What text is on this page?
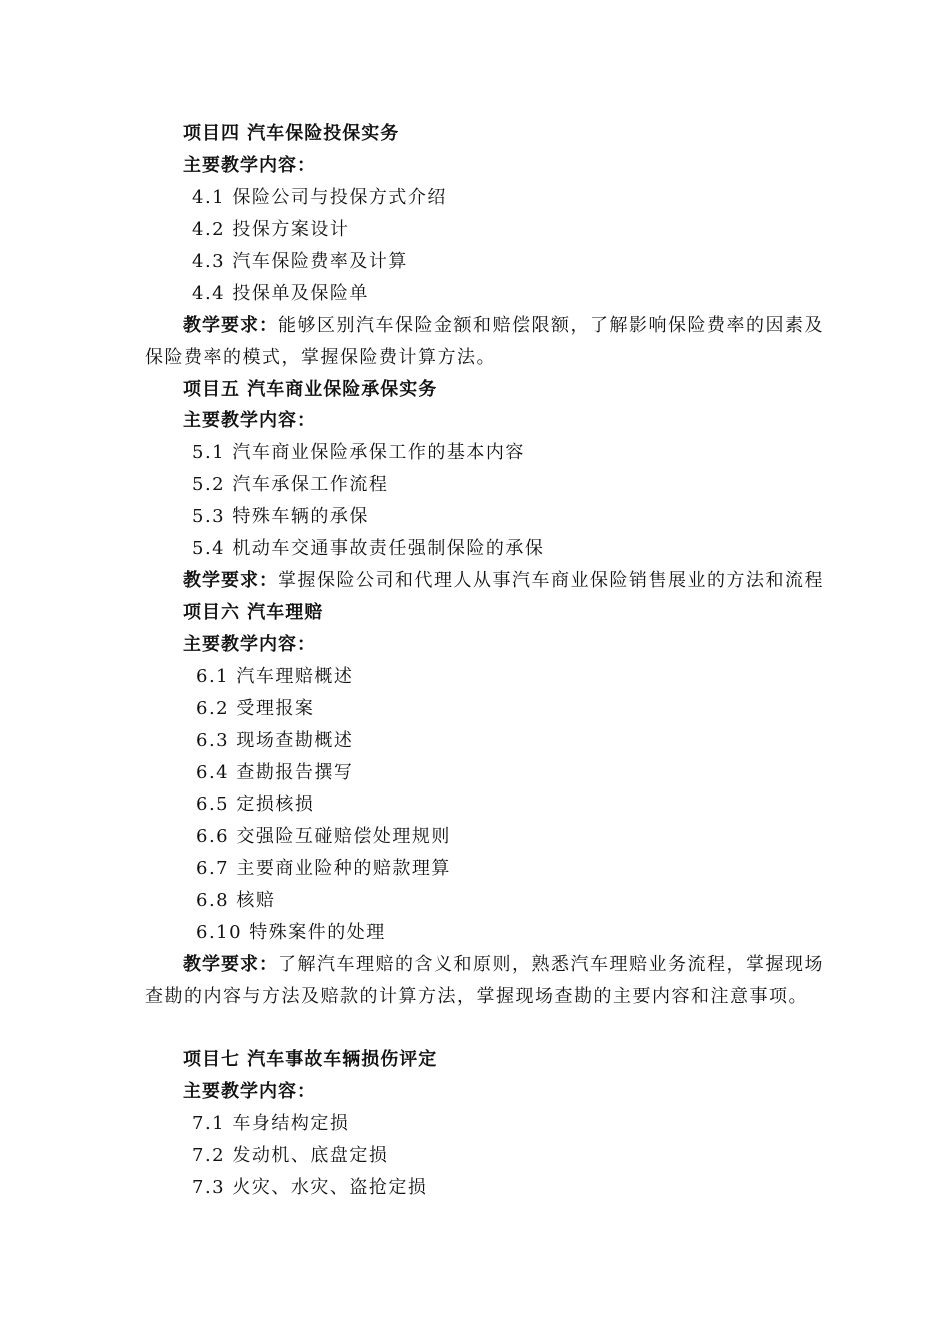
项目四 汽车保险投保实务
主要教学内容：
4.1 保险公司与投保方式介绍
4.2 投保方案设计
4.3 汽车保险费率及计算
4.4 投保单及保险单
教学要求：能够区别汽车保险金额和赔偿限额，了解影响保险费率的因素及
保险费率的模式，掌握保险费计算方法。
项目五 汽车商业保险承保实务
主要教学内容：
5.1 汽车商业保险承保工作的基本内容
5.2 汽车承保工作流程
5.3 特殊车辆的承保
5.4 机动车交通事故责任强制保险的承保
教学要求：掌握保险公司和代理人从事汽车商业保险销售展业的方法和流程
项目六 汽车理赔
主要教学内容：
6.1 汽车理赔概述
6.2 受理报案
6.3 现场查勘概述
6.4 查勘报告撰写
6.5 定损核损
6.6 交强险互碰赔偿处理规则
6.7 主要商业险种的赔款理算
6.8 核赔
6.10 特殊案件的处理
教学要求：了解汽车理赔的含义和原则，熟悉汽车理赔业务流程，掌握现场
查勘的内容与方法及赔款的计算方法，掌握现场查勘的主要内容和注意事项。
项目七 汽车事故车辆损伤评定
主要教学内容：
7.1 车身结构定损
7.2 发动机、底盘定损
7.3 火灾、水灾、盗抢定损
